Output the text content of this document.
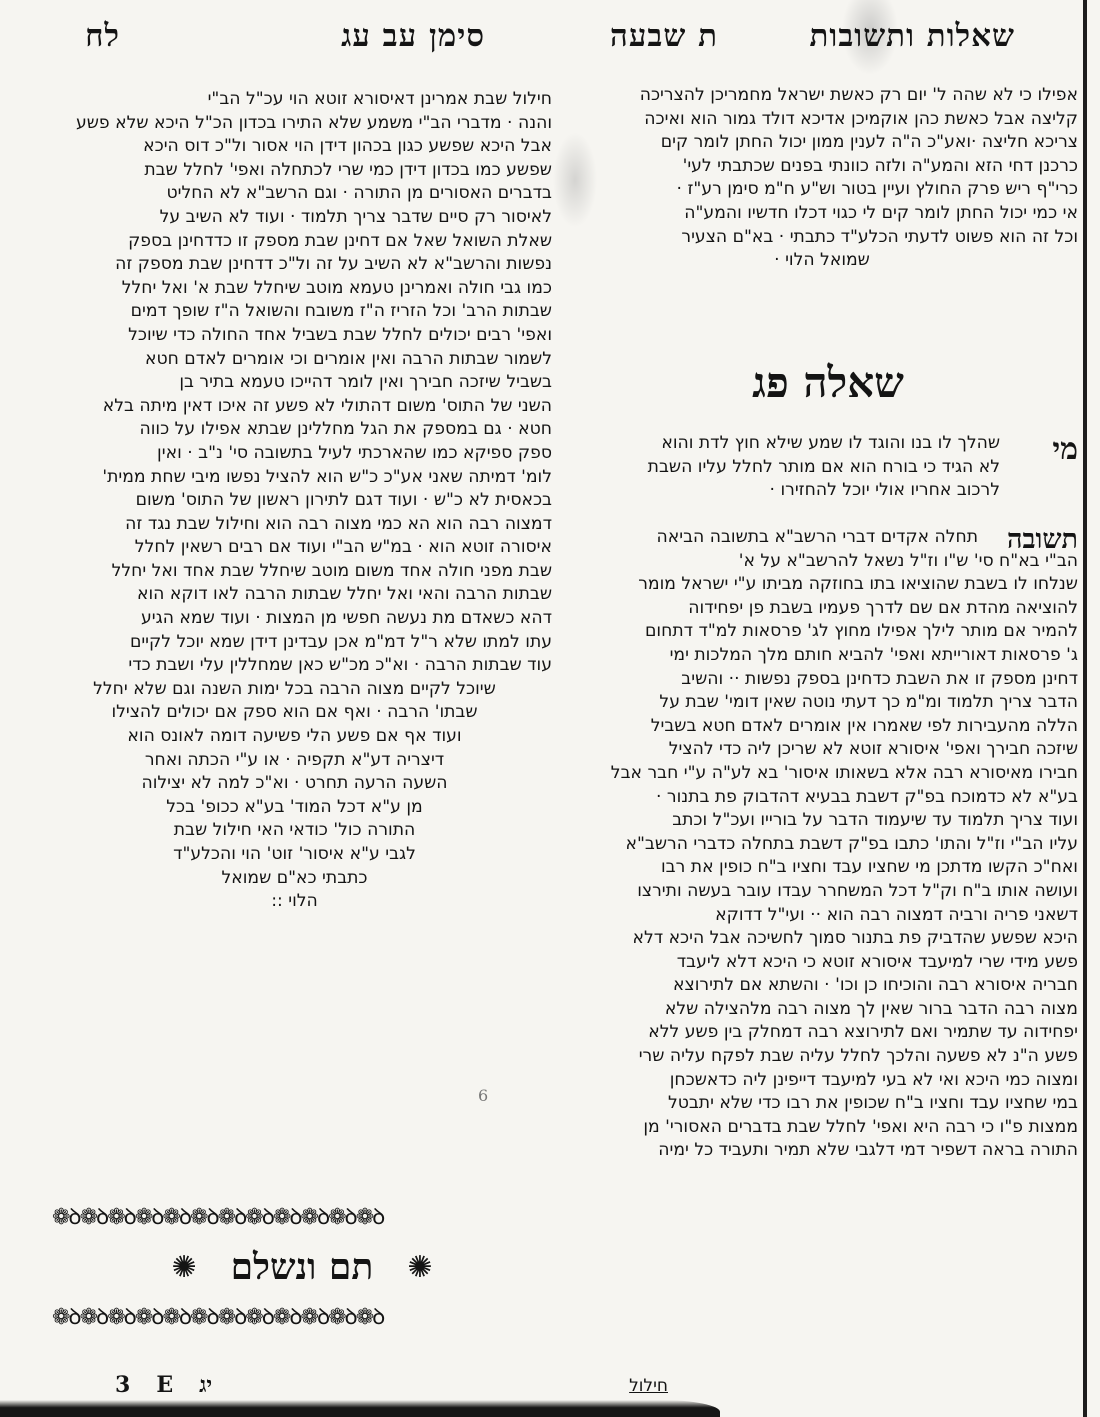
שאלות ותשובות
ת שבעה
סימן עב עג
לח
אפילו כי לא שהה ל' יום רק כאשת ישראל מחמריכן להצריכה
קליצה אבל כאשת כהן אוקמיכן אדיכא דולד גמור הוא ואיכה
צריכא חליצה ·ואע"כ ה"ה לענין ממון יכול החתן לומר קים
כרכנן דחי הזא והמע"ה ולזה כוונתי בפנים שכתבתי לעי'
כרי"ף ריש פרק החולץ ועיין בטור וש"ע ח"מ סימן רע"ז ·
אי כמי יכול החתן לומר קים לי כגוי דכלו חדשיו והמע"ה
וכל זה הוא פשוט לדעתי הכלע"ד כתבתי · בא"ם הצעיר
שמואל הלוי ·
שאלה פג
מי
שהלך לו בנו והוגד לו שמע שילא חוץ לדת והוא
לא הגיד כי בורח הוא אם מותר לחלל עליו השבת
לרכוב אחריו אולי יוכל להחזירו ·
תשובה
תחלה אקדים דברי הרשב"א בתשובה הביאה
הב"י בא"ח סי' ש"ו וז"ל נשאל להרשב"א על א'
שנלחו לו בשבת שהוציאו בתו בחוזקה מביתו ע"י ישראל מומר
להוציאה מהדת אם שם לדרך פעמיו בשבת פן יפחידוה
להמיר אם מותר לילך אפילו מחוץ לג' פרסאות למ"ד דתחום
ג' פרסאות דאורייתא ואפי' להביא חותם מלך המלכות ימי
דחינן מספק זו את השבת כדחינן בספק נפשות ·· והשיב
הדבר צריך תלמוד ומ"מ כך דעתי נוטה שאין דומי' שבת על
הללה מהעבירות לפי שאמרו אין אומרים לאדם חטא בשביל
שיזכה חבירך ואפי' איסורא זוטא לא שריכן ליה כדי להציל
חבירו מאיסורא רבה אלא בשאותו איסור' בא לע"ה ע"י חבר אבל
בע"א לא כדמוכח בפ"ק דשבת בבעיא דהדבוק פת בתנור ·
ועוד צריך תלמוד עד שיעמוד הדבר על בורייו ועכ"ל וכתב
עליו הב"י וז"ל והתו' כתבו בפ"ק דשבת בתחלה כדברי הרשב"א
ואח"כ הקשו מדתכן מי שחציו עבד וחציו ב"ח כופין את רבו
ועושה אותו ב"ח וק"ל דכל המשחרר עבדו עובר בעשה ותירצו
דשאני פריה ורביה דמצוה רבה הוא ·· ועי"ל דדוקא
היכא שפשע שהדביק פת בתנור סמוך לחשיכה אבל היכא דלא
פשע מידי שרי למיעבד איסורא זוטא כי היכא דלא ליעבד
חבריה איסורא רבה והוכיחו כן וכו' · והשתא אם לתירוצא
מצוה רבה הדבר ברור שאין לך מצוה רבה מלהצילה שלא
יפחידוה עד שתמיר ואם לתירוצא רבה דמחלק בין פשע ללא
פשע ה"נ לא פשעה והלכך לחלל עליה שבת לפקח עליה שרי
ומצוה כמי היכא ואי לא בעי למיעבד דייפינן ליה כדאשכחן
במי שחציו עבד וחציו ב"ח שכופין את רבו כדי שלא יתבטל
ממצות פ"ו כי רבה היא ואפי' לחלל שבת בדברים האסורי' מן
התורה בראה דשפיר דמי דלגבי שלא תמיר ותעביד כל ימיה
חילול
חילול שבת אמרינן דאיסורא זוטא הוי עכ"ל הב"י
והנה · מדברי הב"י משמע שלא התירו בכדון הכ"ל היכא שלא פשע
אבל היכא שפשע כגון בכהון דידן הוי אסור ול"כ דוס היכא
שפשע כמו בכדון דידן כמי שרי לכתחלה ואפי' לחלל שבת
בדברים האסורים מן התורה · וגם הרשב"א לא החליט
לאיסור רק סיים שדבר צריך תלמוד · ועוד לא השיב על
שאלת השואל שאל אם דחינן שבת מספק זו כדדחינן בספק
נפשות והרשב"א לא השיב על זה ול"כ דדחינן שבת מספק זה
כמו גבי חולה ואמרינן טעמא מוטב שיחלל שבת א' ואל יחלל
שבתות הרב' וכל הזריז ה"ז משובח והשואל ה"ז שופך דמים
ואפי' רבים יכולים לחלל שבת בשביל אחד החולה כדי שיוכל
לשמור שבתות הרבה ואין אומרים וכי אומרים לאדם חטא
בשביל שיזכה חבירך ואין לומר דהייכו טעמא בתיר בן
השני של התוס' משום דהתולי לא פשע זה איכו דאין מיתה בלא
חטא · גם במספק את הגל מחללינן שבתא אפילו על כווה
ספק ספיקא כמו שהארכתי לעיל בתשובה סי' נ"ב · ואין
לומ' דמיתה שאני אע"כ כ"ש הוא להציל נפשו מיבי שחת ממית'
בכאסית לא כ"ש · ועוד דגם לתירון ראשון של התוס' משום
דמצוה רבה הוא הא כמי מצוה רבה הוא וחילול שבת נגד זה
איסורה זוטא הוא · במ"ש הב"י ועוד אם רבים רשאין לחלל
שבת מפני חולה אחד משום מוטב שיחלל שבת אחד ואל יחלל
שבתות הרבה והאי ואל יחלל שבתות הרבה לאו דוקא הוא
דהא כשאדם מת נעשה חפשי מן המצות · ועוד שמא הגיע
עתו למתו שלא ר"ל דמ"מ אכן עבדינן דידן שמא יוכל לקיים
עוד שבתות הרבה · וא"כ מכ"ש כאן שמחללין עלי ושבת כדי
שיוכל לקיים מצוה הרבה בכל ימות השנה וגם שלא יחלל
שבתו' הרבה · ואף אם הוא ספק אם יכולים להצילו
ועוד אף אם פשע הלי פשיעה דומה לאונס הוא
דיצריה דע"א תקפיה · או ע"י הכתה ואחר
השעה הרעה תחרט · וא"כ למה לא יצילוה
מן ע"א דכל המוד' בע"א ככופ' בכל
התורה כול' כודאי האי חילול שבת
לגבי ע"א איסור' זוט' הוי והכלע"ד
כתבתי כא"ם שמואל
הלוי ::
6
❁ꝺ❁ꝺ❁ꝺ❁ꝺ❁ꝺ❁ꝺ❁ꝺ❁ꝺ❁ꝺ❁ꝺ❁ꝺ❁ꝺ
✺
תם ונשלם
✺
❁ꝺ❁ꝺ❁ꝺ❁ꝺ❁ꝺ❁ꝺ❁ꝺ❁ꝺ❁ꝺ❁ꝺ❁ꝺ❁ꝺ
3 E יג
